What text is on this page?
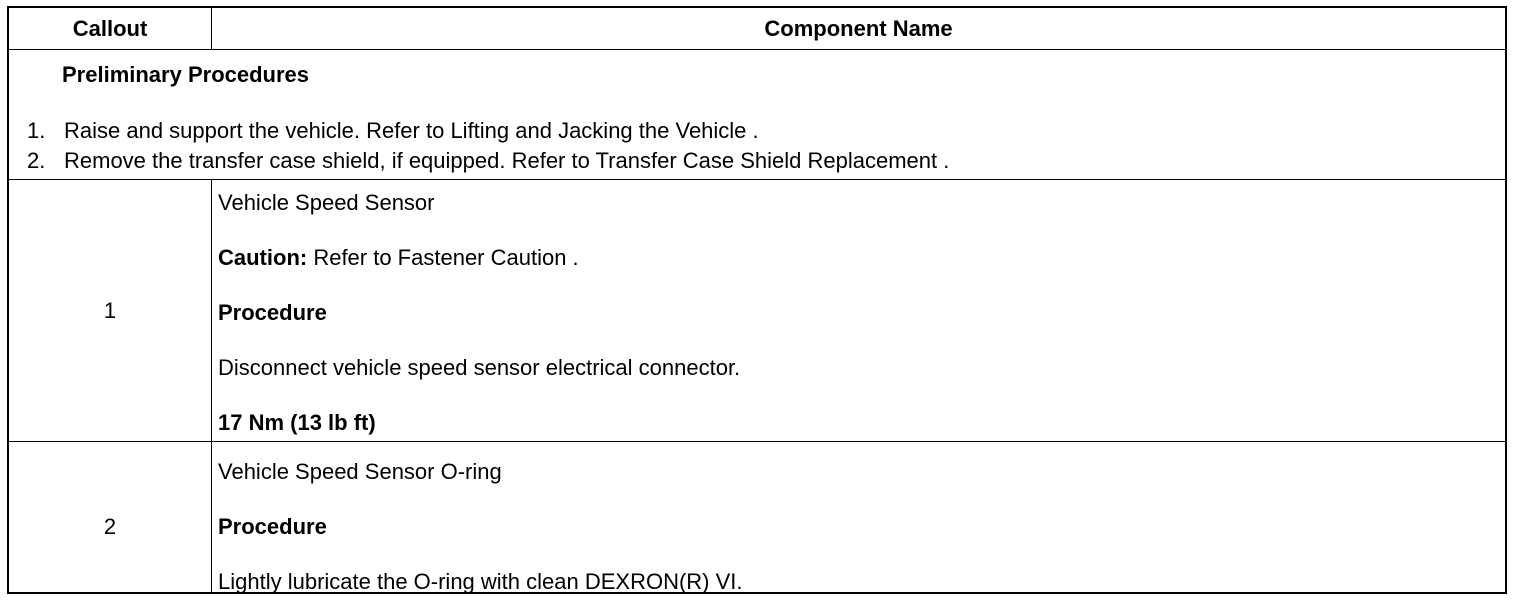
Callout	Component Name
Preliminary Procedures
1. Raise and support the vehicle. Refer to Lifting and Jacking the Vehicle .
2. Remove the transfer case shield, if equipped. Refer to Transfer Case Shield Replacement .
1
Vehicle Speed Sensor
Caution: Refer to Fastener Caution .
Procedure
Disconnect vehicle speed sensor electrical connector.
17 Nm (13 lb ft)
2
Vehicle Speed Sensor O-ring
Procedure
Lightly lubricate the O-ring with clean DEXRON(R) VI.
